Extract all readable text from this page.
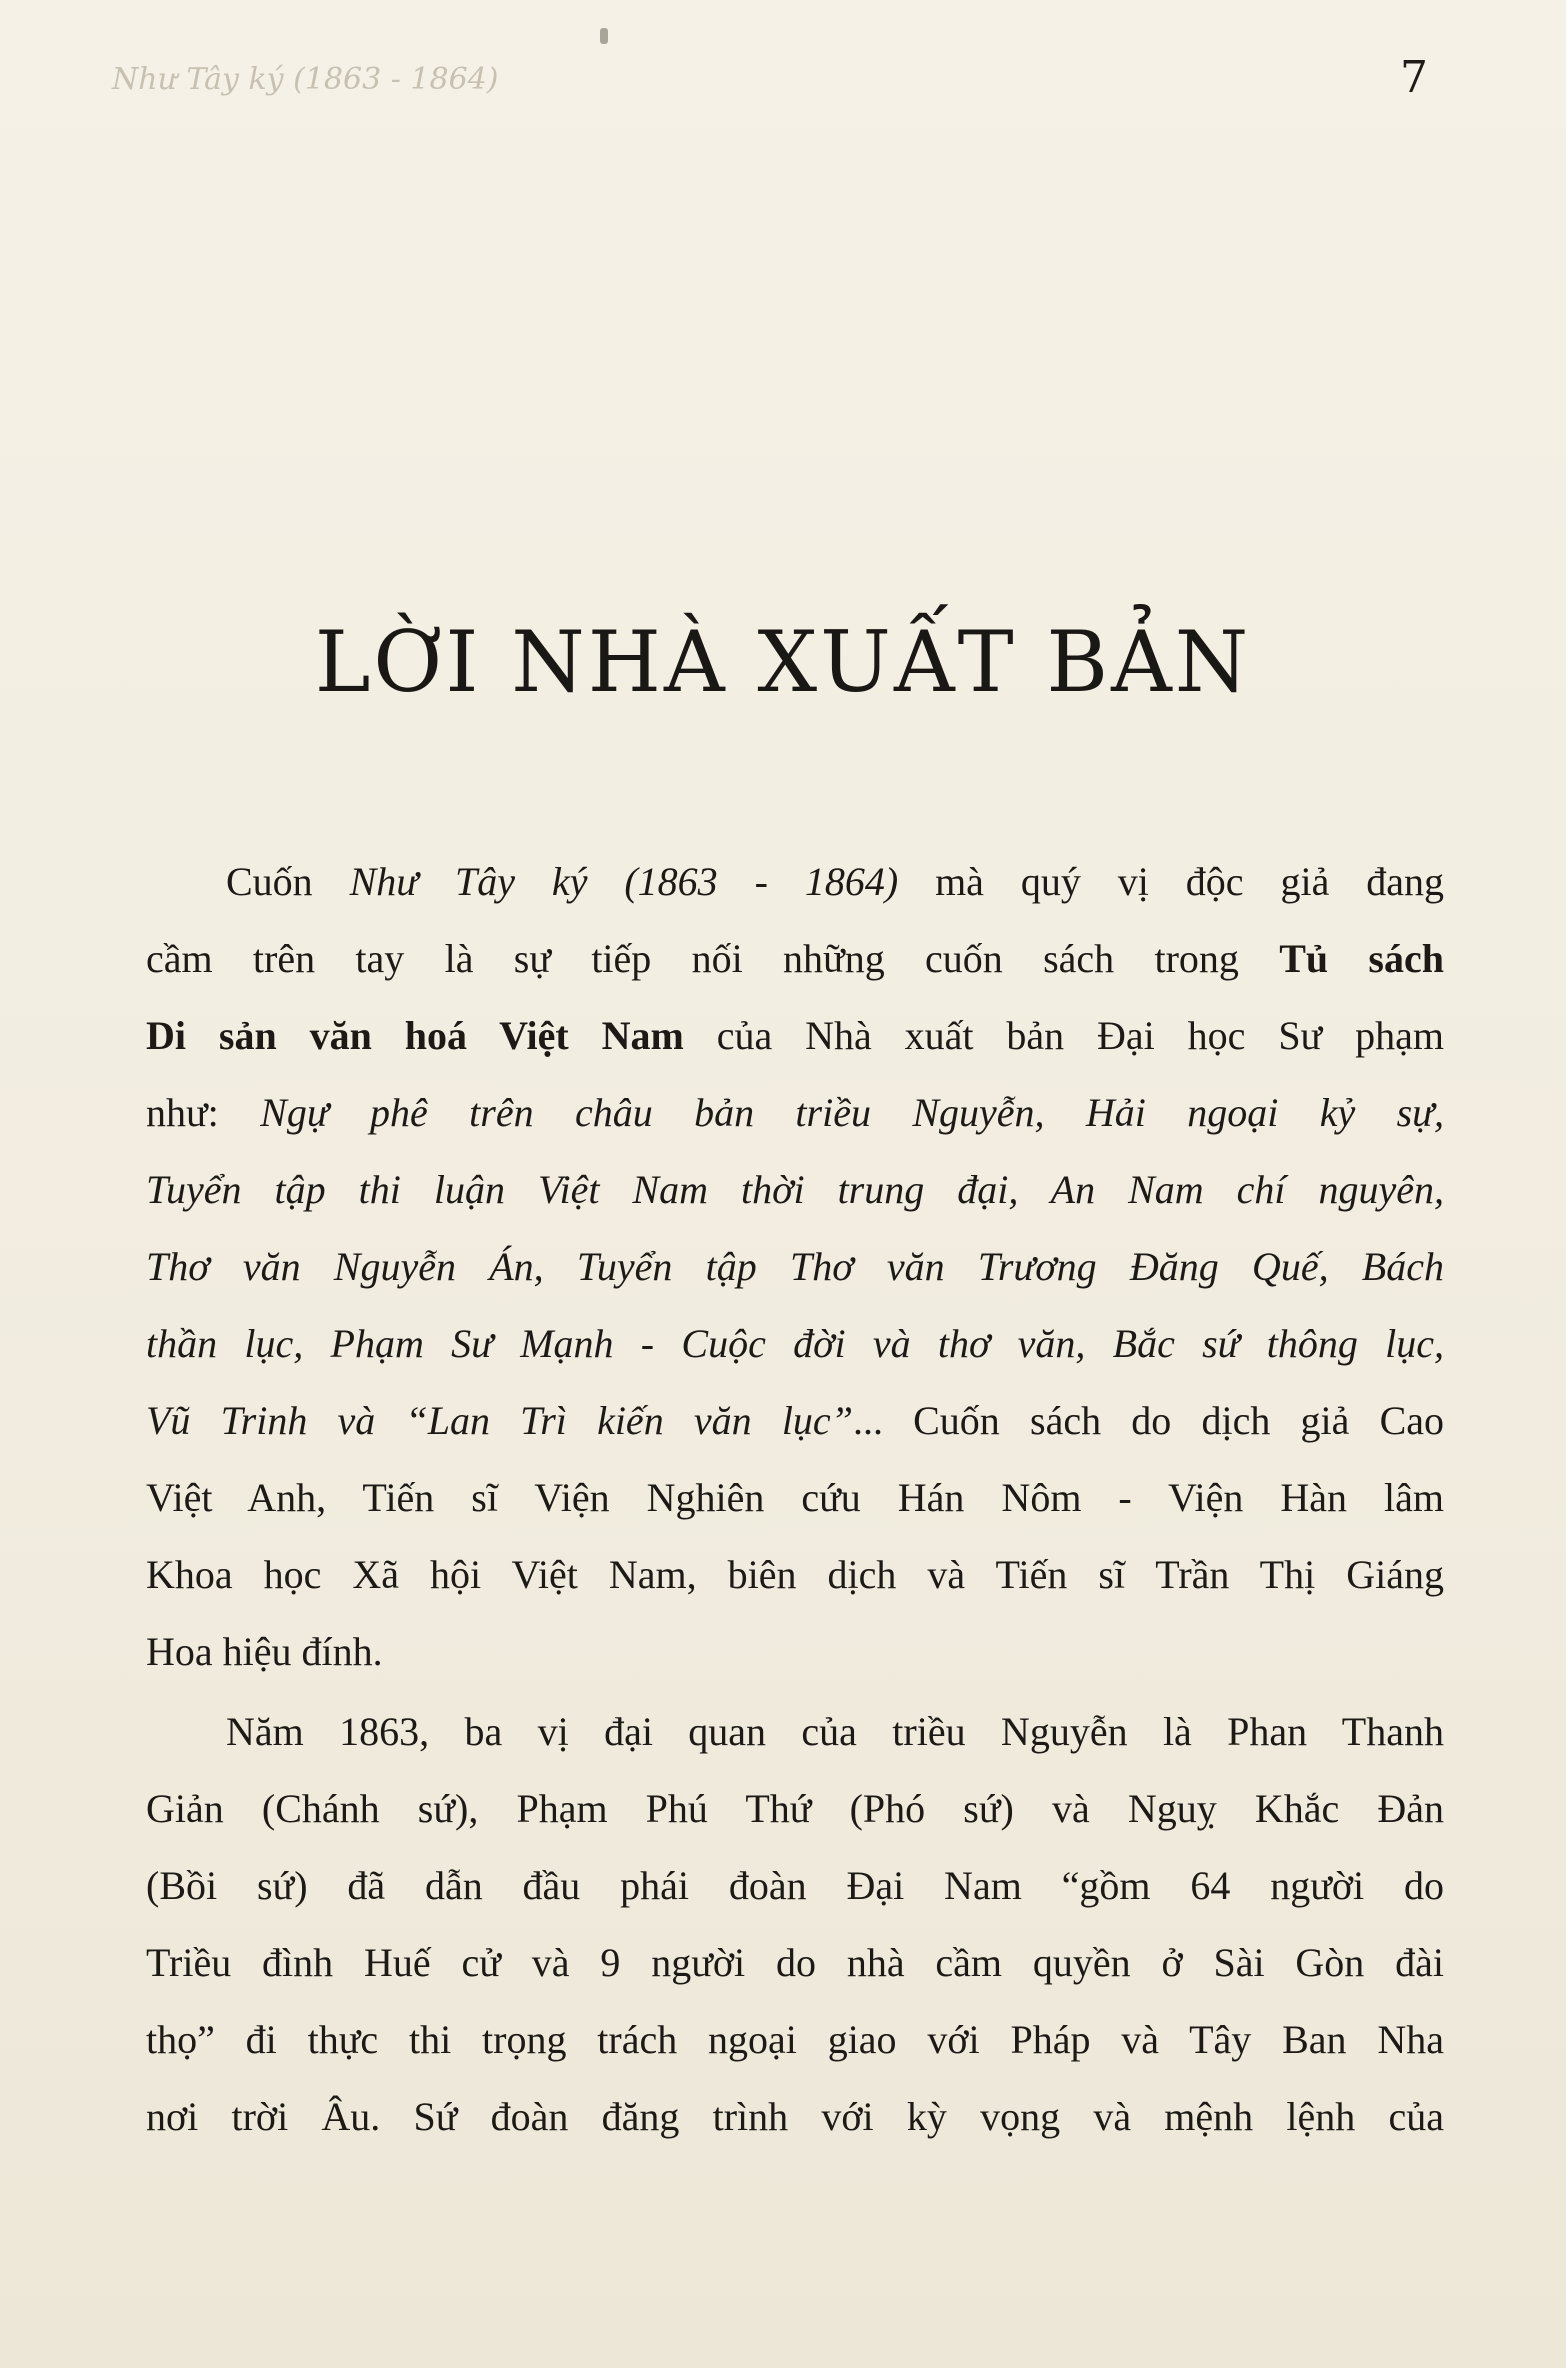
Như Tây ký (1863 - 1864)	7
LỜI NHÀ XUẤT BẢN
Cuốn Như Tây ký (1863 - 1864) mà quý vị độc giả đang
cầm trên tay là sự tiếp nối những cuốn sách trong Tủ sách
Di sản văn hoá Việt Nam của Nhà xuất bản Đại học Sư phạm
như: Ngự phê trên châu bản triều Nguyễn, Hải ngoại kỷ sự,
Tuyển tập thi luận Việt Nam thời trung đại, An Nam chí nguyên,
Thơ văn Nguyễn Án, Tuyển tập Thơ văn Trương Đăng Quế, Bách
thần lục, Phạm Sư Mạnh - Cuộc đời và thơ văn, Bắc sứ thông lục,
Vũ Trinh và “Lan Trì kiến văn lục”... Cuốn sách do dịch giả Cao
Việt Anh, Tiến sĩ Viện Nghiên cứu Hán Nôm - Viện Hàn lâm
Khoa học Xã hội Việt Nam, biên dịch và Tiến sĩ Trần Thị Giáng
Hoa hiệu đính.
Năm 1863, ba vị đại quan của triều Nguyễn là Phan Thanh
Giản (Chánh sứ), Phạm Phú Thứ (Phó sứ) và Nguỵ Khắc Đản
(Bồi sứ) đã dẫn đầu phái đoàn Đại Nam “gồm 64 người do
Triều đình Huế cử và 9 người do nhà cầm quyền ở Sài Gòn đài
thọ” đi thực thi trọng trách ngoại giao với Pháp và Tây Ban Nha
nơi trời Âu. Sứ đoàn đăng trình với kỳ vọng và mệnh lệnh của
